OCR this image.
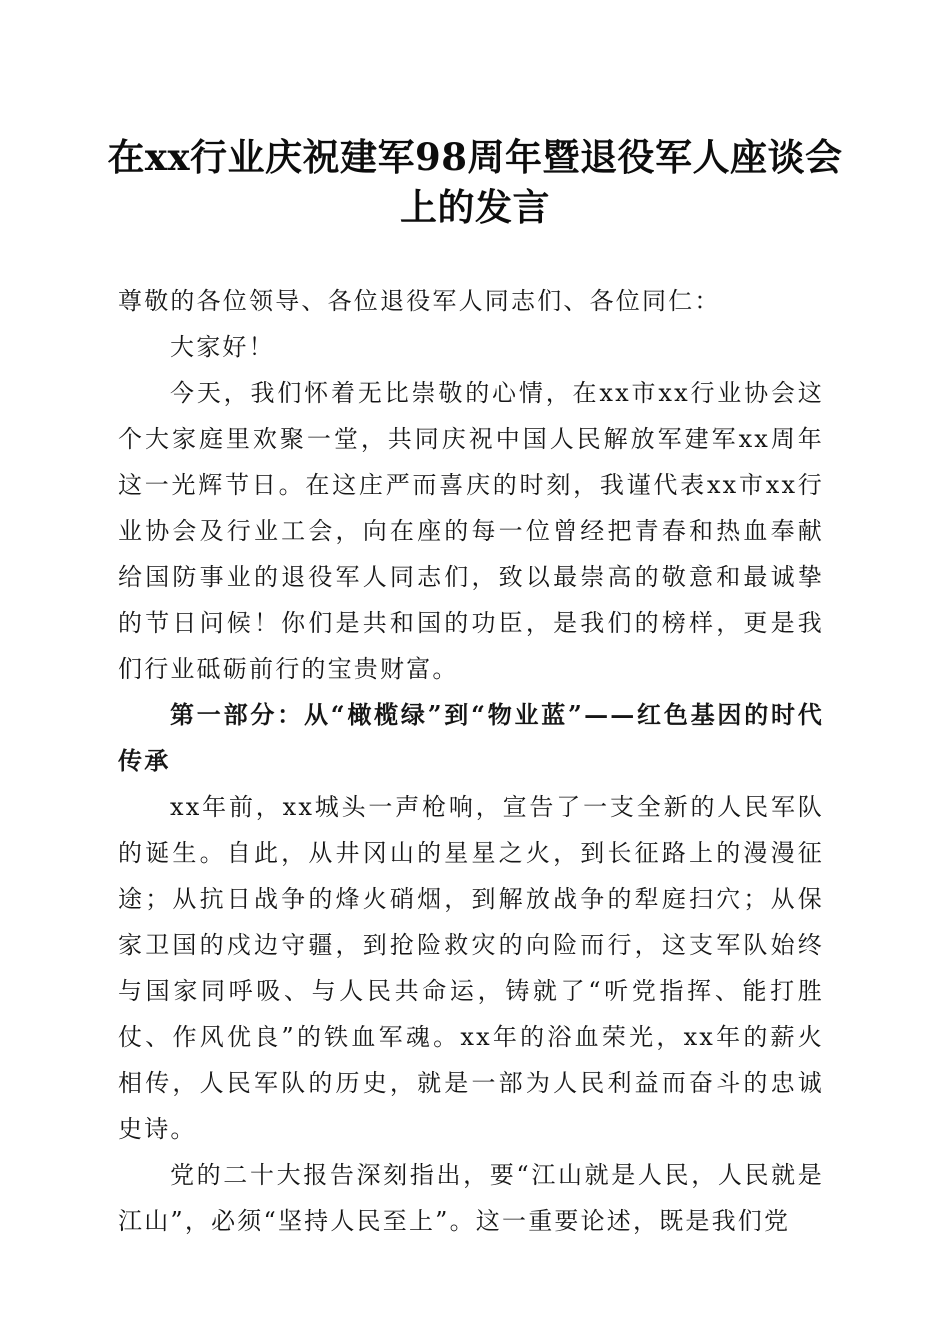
在xx行业庆祝建军98周年暨退役军人座谈会上的发言

尊敬的各位领导、各位退役军人同志们、各位同仁：

大家好！

今天，我们怀着无比崇敬的心情，在xx市xx行业协会这个大家庭里欢聚一堂，共同庆祝中国人民解放军建军xx周年这一光辉节日。在这庄严而喜庆的时刻，我谨代表xx市xx行业协会及行业工会，向在座的每一位曾经把青春和热血奉献给国防事业的退役军人同志们，致以最崇高的敬意和最诚挚的节日问候！你们是共和国的功臣，是我们的榜样，更是我们行业砥砺前行的宝贵财富。

第一部分：从“橄榄绿”到“物业蓝”——红色基因的时代传承

xx年前，xx城头一声枪响，宣告了一支全新的人民军队的诞生。自此，从井冈山的星星之火，到长征路上的漫漫征途；从抗日战争的烽火硝烟，到解放战争的犁庭扫穴；从保家卫国的戍边守疆，到抢险救灾的向险而行，这支军队始终与国家同呼吸、与人民共命运，铸就了“听党指挥、能打胜仗、作风优良”的铁血军魂。xx年的浴血荣光，xx年的薪火相传，人民军队的历史，就是一部为人民利益而奋斗的忠诚史诗。

党的二十大报告深刻指出，要“江山就是人民，人民就是江山”，必须“坚持人民至上”。这一重要论述，既是我们党
